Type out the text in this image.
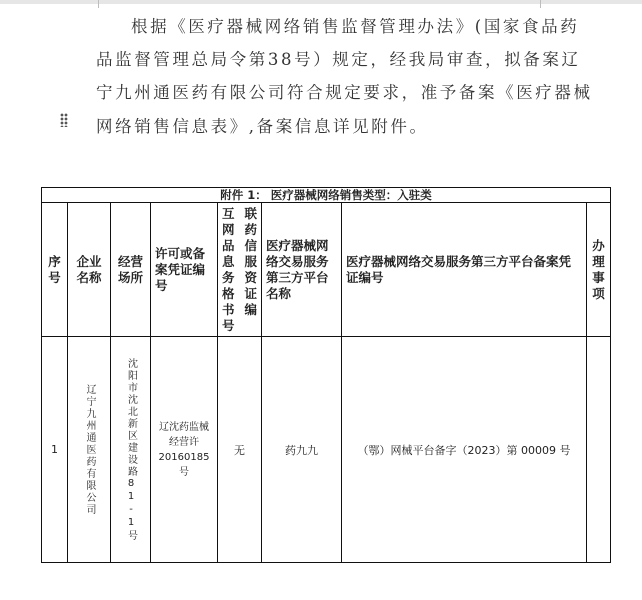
根据《医疗器械网络销售监督管理办法》(国家食品药
品监督管理总局令第38号）规定，经我局审查，拟备案辽
宁九州通医药有限公司符合规定要求，准予备案《医疗器械
网络销售信息表》,备案信息详见附件。
附件 1： 医疗器械网络销售类型：入驻类							

序号	企业名称	经营场所	许可或备案凭证编号	互联网药品信息服务资格证书编号	医疗器械网络交易服务第三方平台名称	医疗器械网络交易服务第三方平台备案凭证编号	办理事项

1	辽宁九州通医药有限公司	沈阳市沈北新区建设路81-1号	辽沈药监械经营许20160185号	无	药九九	（鄂）网械平台备字（2023）第 00009 号	
